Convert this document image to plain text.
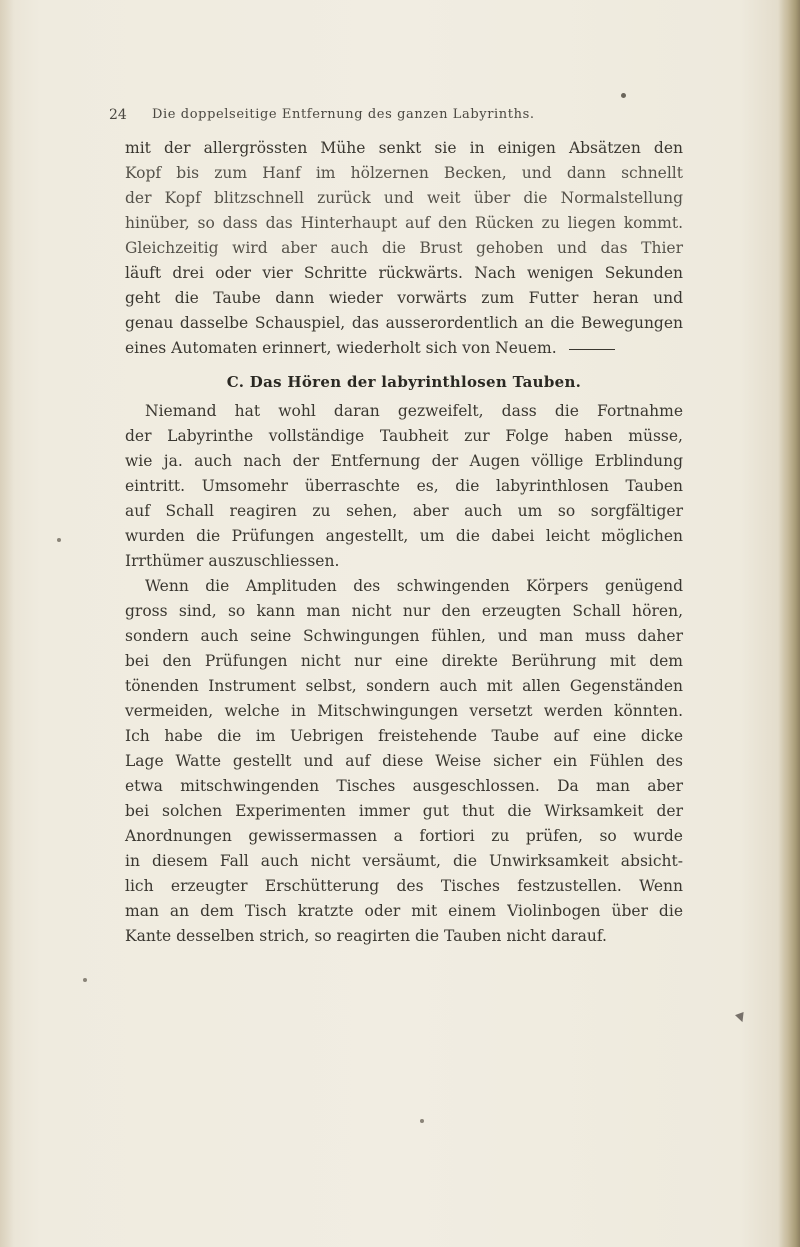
24 Die doppelseitige Entfernung des ganzen Labyrinths.
mit der allergrössten Mühe senkt sie in einigen Absätzen den
Kopf bis zum Hanf im hölzernen Becken, und dann schnellt
der Kopf blitzschnell zurück und weit über die Normalstellung
hinüber, so dass das Hinterhaupt auf den Rücken zu liegen kommt.
Gleichzeitig wird aber auch die Brust gehoben und das Thier
läuft drei oder vier Schritte rückwärts. Nach wenigen Sekunden
geht die Taube dann wieder vorwärts zum Futter heran und
genau dasselbe Schauspiel, das ausserordentlich an die Bewegungen
eines Automaten erinnert, wiederholt sich von Neuem.
C. Das Hören der labyrinthlosen Tauben.
Niemand hat wohl daran gezweifelt, dass die Fortnahme
der Labyrinthe vollständige Taubheit zur Folge haben müsse,
wie ja. auch nach der Entfernung der Augen völlige Erblindung
eintritt. Umsomehr überraschte es, die labyrinthlosen Tauben
auf Schall reagiren zu sehen, aber auch um so sorgfältiger
wurden die Prüfungen angestellt, um die dabei leicht möglichen
Irrthümer auszuschliessen.
Wenn die Amplituden des schwingenden Körpers genügend
gross sind, so kann man nicht nur den erzeugten Schall hören,
sondern auch seine Schwingungen fühlen, und man muss daher
bei den Prüfungen nicht nur eine direkte Berührung mit dem
tönenden Instrument selbst, sondern auch mit allen Gegenständen
vermeiden, welche in Mitschwingungen versetzt werden könnten.
Ich habe die im Uebrigen freistehende Taube auf eine dicke
Lage Watte gestellt und auf diese Weise sicher ein Fühlen des
etwa mitschwingenden Tisches ausgeschlossen. Da man aber
bei solchen Experimenten immer gut thut die Wirksamkeit der
Anordnungen gewissermassen a fortiori zu prüfen, so wurde
in diesem Fall auch nicht versäumt, die Unwirksamkeit absicht-
lich erzeugter Erschütterung des Tisches festzustellen. Wenn
man an dem Tisch kratzte oder mit einem Violinbogen über die
Kante desselben strich, so reagirten die Tauben nicht darauf.
▼
